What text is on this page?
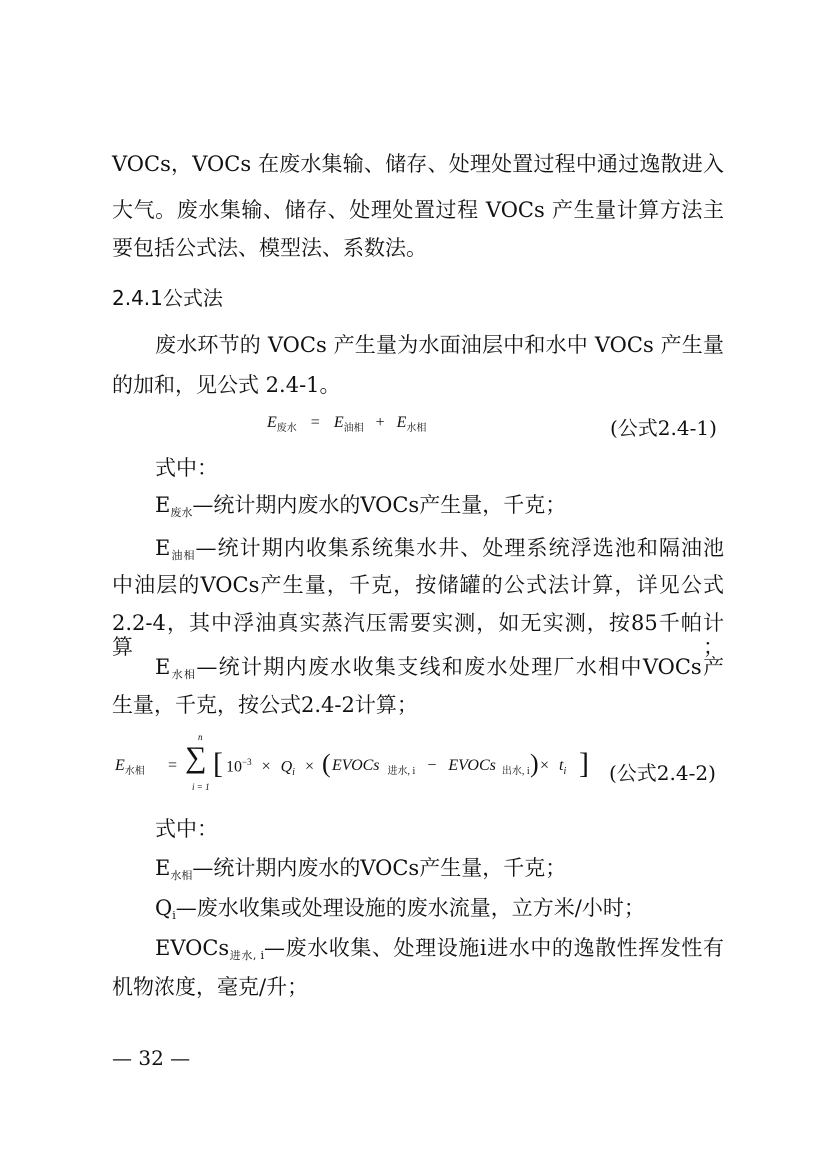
VOCs，VOCs 在废水集输、储存、处理处置过程中通过逸散进入
大气。废水集输、储存、处理处置过程 VOCs 产生量计算方法主
要包括公式法、模型法、系数法。
2.4.1公式法
废水环节的 VOCs 产生量为水面油层中和水中 VOCs 产生量
的加和，见公式 2.4-1。
$E_{废水} = E_{油相} + E_{水相}$	(公式2.4-1)
式中：
E废水—统计期内废水的VOCs产生量，千克；
E油相—统计期内收集系统集水井、处理系统浮选池和隔油池
中油层的VOCs产生量，千克，按储罐的公式法计算，详见公式
2.2-4，其中浮油真实蒸汽压需要实测，如无实测，按85千帕计算；
E水相—统计期内废水收集支线和废水处理厂水相中VOCs产
生量，千克，按公式2.4-2计算；
$E_{水相}$ =
n
∑
i = 1
[ $10^{-3} \times Q_i$ × ( EVOCs $_{进水, i}$ − EVOCs $_{出水, i}$ ) × $t_i$ ] (公式2.4-2)
式中：
E水相—统计期内废水的VOCs产生量，千克；
Qi—废水收集或处理设施的废水流量，立方米/小时；
EVOCs进水, i—废水收集、处理设施i进水中的逸散性挥发性有
机物浓度，毫克/升；
— 32 —
